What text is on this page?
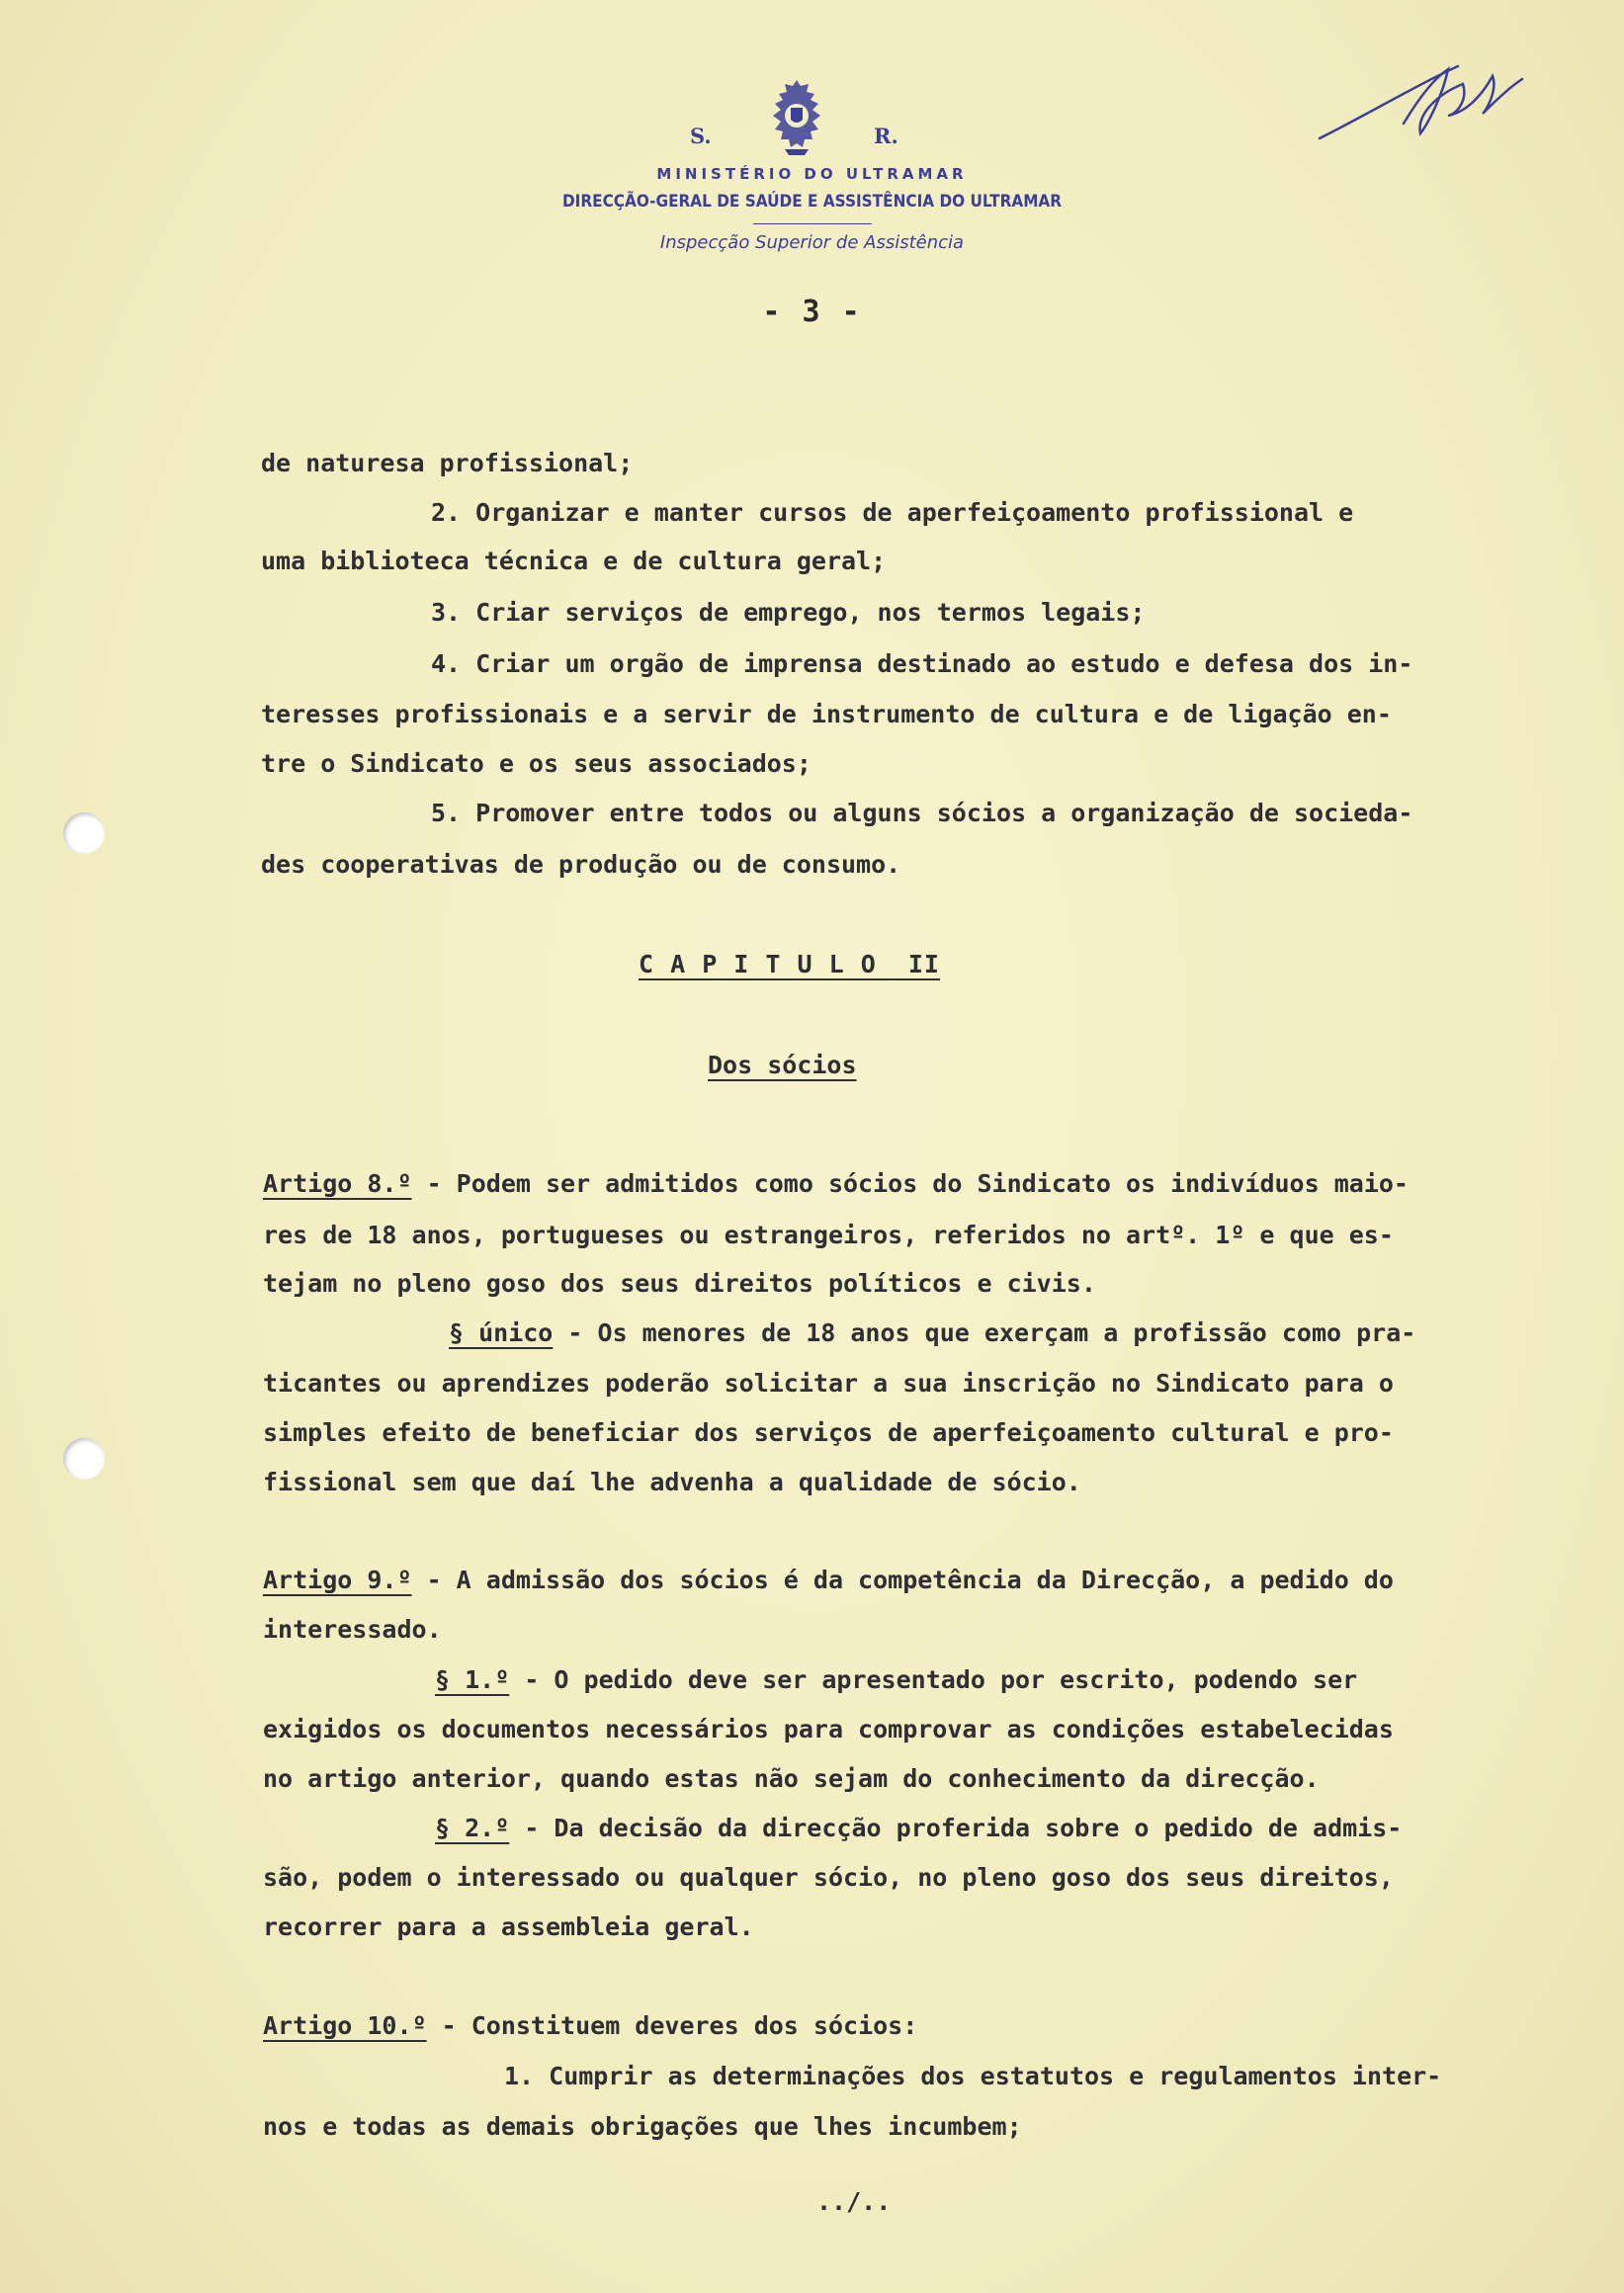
S.	R.
MINISTÉRIO DO ULTRAMAR
DIRECÇÃO-GERAL DE SAÚDE E ASSISTÊNCIA DO ULTRAMAR
Inspecção Superior de Assistência
- 3 -
de naturesa profissional;
2. Organizar e manter cursos de aperfeiçoamento profissional e
uma biblioteca técnica e de cultura geral;
3. Criar serviços de emprego, nos termos legais;
4. Criar um orgão de imprensa destinado ao estudo e defesa dos in-
teresses profissionais e a servir de instrumento de cultura e de ligação en-
tre o Sindicato e os seus associados;
5. Promover entre todos ou alguns sócios a organização de socieda-
des cooperativas de produção ou de consumo.
C A P I T U L O  II
Dos sócios
Artigo 8.º - Podem ser admitidos como sócios do Sindicato os indivíduos maio-
res de 18 anos, portugueses ou estrangeiros, referidos no artº. 1º e que es-
tejam no pleno goso dos seus direitos políticos e civis.
§ único - Os menores de 18 anos que exerçam a profissão como pra-
ticantes ou aprendizes poderão solicitar a sua inscrição no Sindicato para o
simples efeito de beneficiar dos serviços de aperfeiçoamento cultural e pro-
fissional sem que daí lhe advenha a qualidade de sócio.
Artigo 9.º - A admissão dos sócios é da competência da Direcção, a pedido do
interessado.
§ 1.º - O pedido deve ser apresentado por escrito, podendo ser
exigidos os documentos necessários para comprovar as condições estabelecidas
no artigo anterior, quando estas não sejam do conhecimento da direcção.
§ 2.º - Da decisão da direcção proferida sobre o pedido de admis-
são, podem o interessado ou qualquer sócio, no pleno goso dos seus direitos,
recorrer para a assembleia geral.
Artigo 10.º - Constituem deveres dos sócios:
1. Cumprir as determinações dos estatutos e regulamentos inter-
nos e todas as demais obrigações que lhes incumbem;
../..
